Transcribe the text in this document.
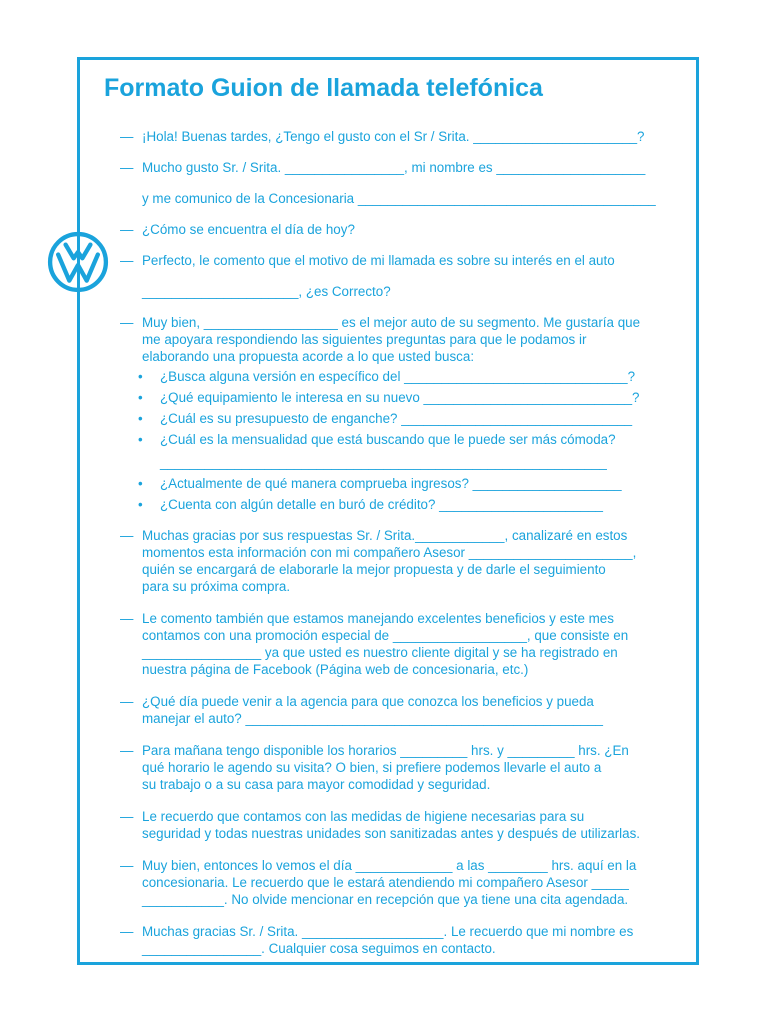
Formato Guion de llamada telefónica
— ¡Hola! Buenas tardes, ¿Tengo el gusto con el Sr / Srita. ______________________?
— Mucho gusto Sr. / Srita. ________________, mi nombre es ____________________
y me comunico de la Concesionaria ________________________________________
— ¿Cómo se encuentra el día de hoy?
— Perfecto, le comento que el motivo de mi llamada es sobre su interés en el auto
_____________________, ¿es Correcto?
— Muy bien, __________________ es el mejor auto de su segmento. Me gustaría que
me apoyara respondiendo las siguientes preguntas para que le podamos ir
elaborando una propuesta acorde a lo que usted busca:
• ¿Busca alguna versión en específico del ______________________________?
• ¿Qué equipamiento le interesa en su nuevo ____________________________?
• ¿Cuál es su presupuesto de enganche? _______________________________
• ¿Cuál es la mensualidad que está buscando que le puede ser más cómoda?
____________________________________________________________
• ¿Actualmente de qué manera comprueba ingresos? ____________________
• ¿Cuenta con algún detalle en buró de crédito? ______________________
— Muchas gracias por sus respuestas Sr. / Srita.____________, canalizaré en estos
momentos esta información con mi compañero Asesor ______________________,
quién se encargará de elaborarle la mejor propuesta y de darle el seguimiento
para su próxima compra.
— Le comento también que estamos manejando excelentes beneficios y este mes
contamos con una promoción especial de __________________, que consiste en
________________ ya que usted es nuestro cliente digital y se ha registrado en
nuestra página de Facebook (Página web de concesionaria, etc.)
— ¿Qué día puede venir a la agencia para que conozca los beneficios y pueda
manejar el auto? ________________________________________________
— Para mañana tengo disponible los horarios _________ hrs. y _________ hrs. ¿En
qué horario le agendo su visita? O bien, si prefiere podemos llevarle el auto a
su trabajo o a su casa para mayor comodidad y seguridad.
— Le recuerdo que contamos con las medidas de higiene necesarias para su
seguridad y todas nuestras unidades son sanitizadas antes y después de utilizarlas.
— Muy bien, entonces lo vemos el día _____________ a las ________ hrs. aquí en la
concesionaria. Le recuerdo que le estará atendiendo mi compañero Asesor _____
___________. No olvide mencionar en recepción que ya tiene una cita agendada.
— Muchas gracias Sr. / Srita. ___________________. Le recuerdo que mi nombre es
________________. Cualquier cosa seguimos en contacto.
